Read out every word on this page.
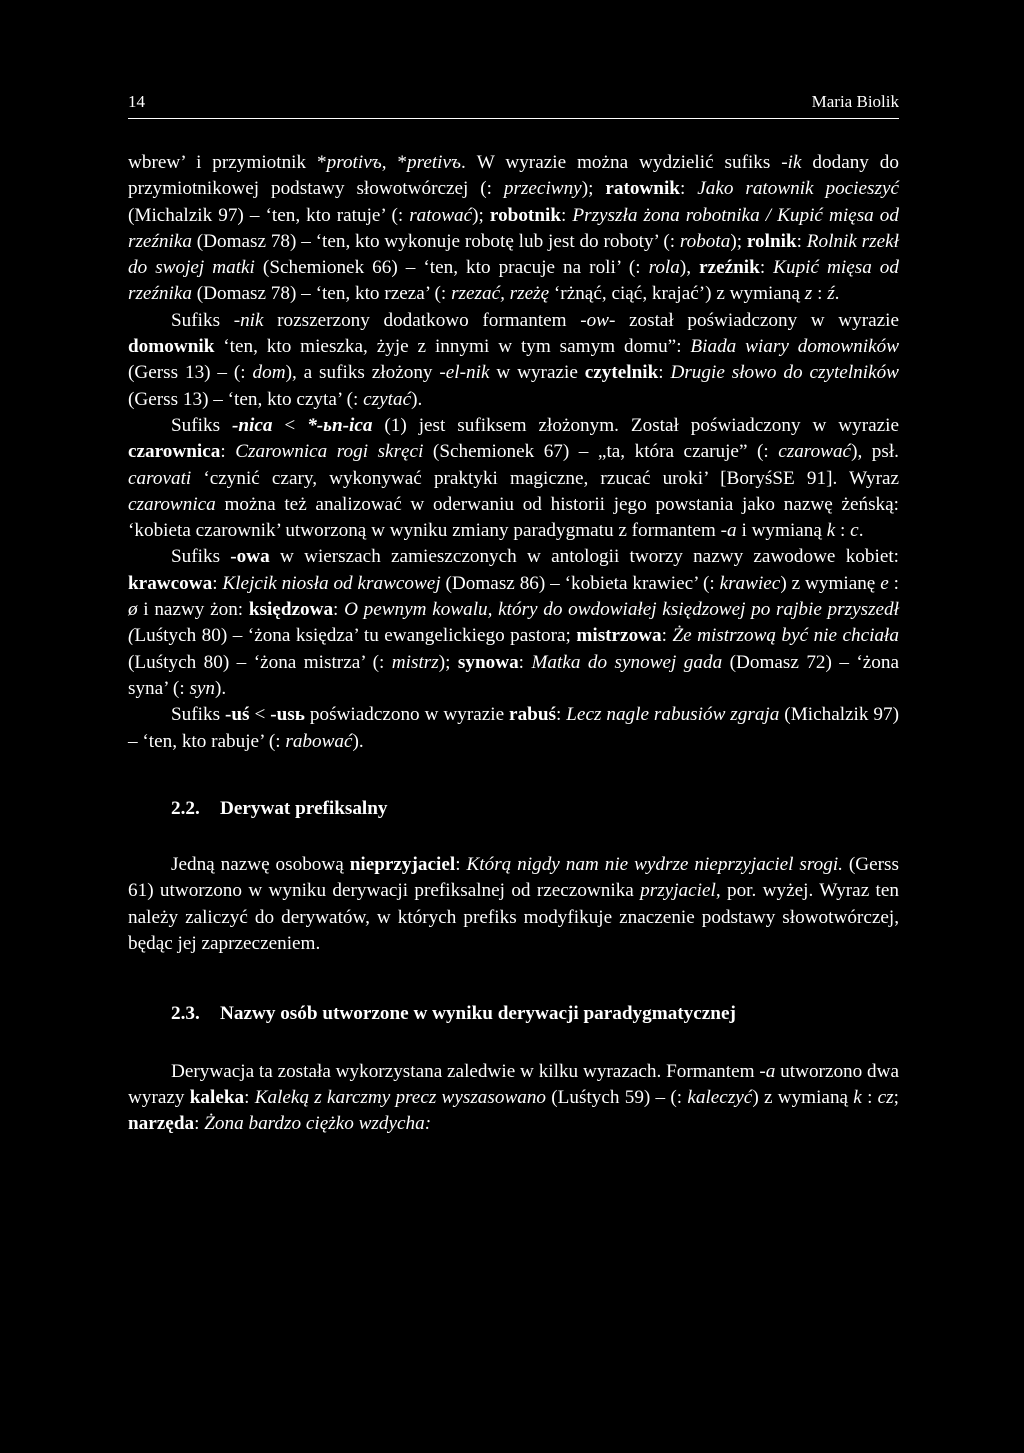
14	Maria Biolik

wbrew’ i przymiotnik *protivъ, *pretivъ. W wyrazie można wydzielić sufiks -ik dodany do przymiotnikowej podstawy słowotwórczej (: przeciwny); ratownik: Jako ratownik pocieszyć (Michalzik 97) – ‘ten, kto ratuje’ (: ratować); robotnik: Przyszła żona robotnika / Kupić mięsa od rzeźnika (Domasz 78) – ‘ten, kto wykonuje robotę lub jest do roboty’ (: robota); rolnik: Rolnik rzekł do swojej matki (Schemionek 66) – ‘ten, kto pracuje na roli’ (: rola), rzeźnik: Kupić mięsa od rzeźnika (Domasz 78) – ‘ten, kto rzeza’ (: rzezać, rzeżę ‘rżnąć, ciąć, krajać’) z wymianą z : ź.

Sufiks -nik rozszerzony dodatkowo formantem -ow- został poświadczony w wyrazie domownik ‘ten, kto mieszka, żyje z innymi w tym samym domu”: Biada wiary domowników (Gerss 13) – (: dom), a sufiks złożony -el-nik w wyrazie czytelnik: Drugie słowo do czytelników (Gerss 13) – ‘ten, kto czyta’ (: czytać).

Sufiks -nica < *-ьn-ica (1) jest sufiksem złożonym. Został poświadczony w wyrazie czarownica: Czarownica rogi skręci (Schemionek 67) – „ta, która czaruje” (: czarować), psł. carovati ‘czynić czary, wykonywać praktyki magiczne, rzucać uroki’ [BoryśSE 91]. Wyraz czarownica można też analizować w oderwaniu od historii jego powstania jako nazwę żeńską: ‘kobieta czarownik’ utworzoną w wyniku zmiany paradygmatu z formantem -a i wymianą k : c.

Sufiks -owa w wierszach zamieszczonych w antologii tworzy nazwy zawodowe kobiet: krawcowa: Klejcik niosła od krawcowej (Domasz 86) – ‘kobieta krawiec’ (: krawiec) z wymianę e : ø i nazwy żon: księdzowa: O pewnym kowalu, który do owdowiałej księdzowej po rajbie przyszedł (Luśtych 80) – ‘żona księdza’ tu ewangelickiego pastora; mistrzowa: Że mistrzową być nie chciała (Luśtych 80) – ‘żona mistrza’ (: mistrz); synowa: Matka do synowej gada (Domasz 72) – ‘żona syna’ (: syn).

Sufiks -uś < -usь poświadczono w wyrazie rabuś: Lecz nagle rabusiów zgraja (Michalzik 97) – ‘ten, kto rabuje’ (: rabować).

2.2. Derywat prefiksalny

Jedną nazwę osobową nieprzyjaciel: Którą nigdy nam nie wydrze nieprzyjaciel srogi. (Gerss 61) utworzono w wyniku derywacji prefiksalnej od rzeczownika przyjaciel, por. wyżej. Wyraz ten należy zaliczyć do derywatów, w których prefiks modyfikuje znaczenie podstawy słowotwórczej, będąc jej zaprzeczeniem.

2.3. Nazwy osób utworzone w wyniku derywacji paradygmatycznej

Derywacja ta została wykorzystana zaledwie w kilku wyrazach. Formantem -a utworzono dwa wyrazy kaleka: Kaleką z karczmy precz wyszasowano (Luśtych 59) – (: kaleczyć) z wymianą k : cz; narzęda: Żona bardzo ciężko wzdycha:
